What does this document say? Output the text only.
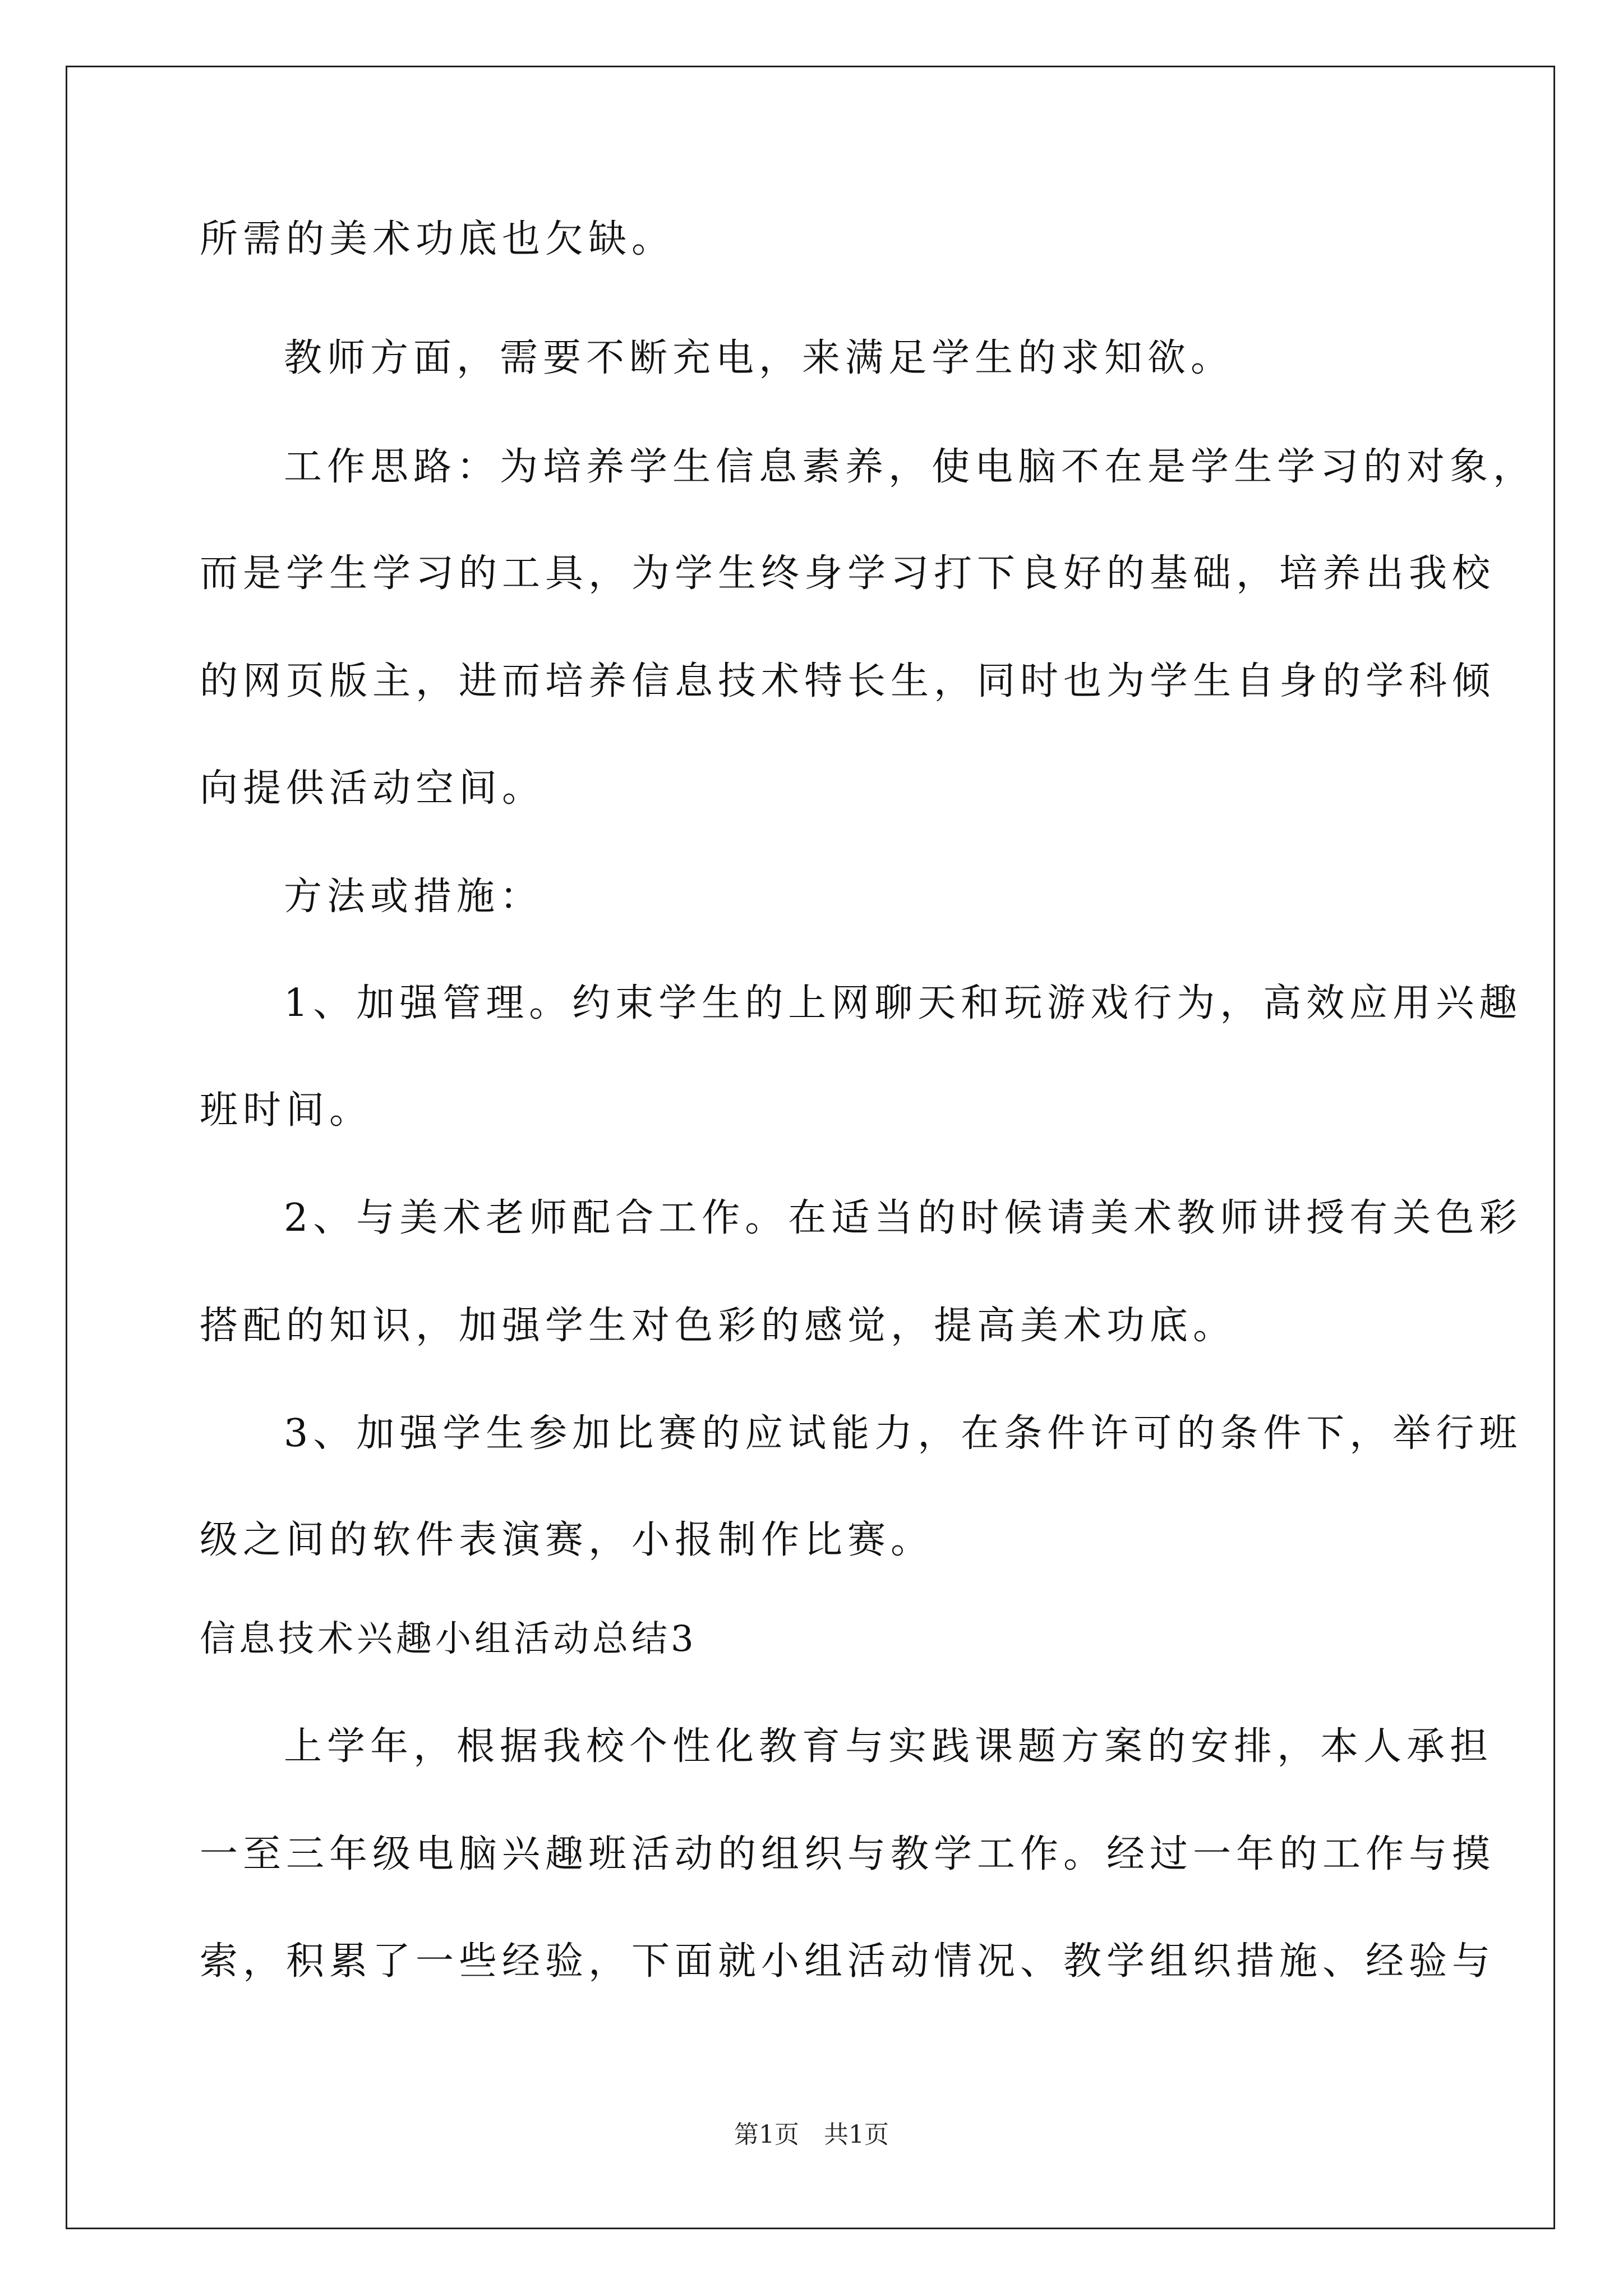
所需的美术功底也欠缺。
教师方面，需要不断充电，来满足学生的求知欲。
工作思路：为培养学生信息素养，使电脑不在是学生学习的对象，
而是学生学习的工具，为学生终身学习打下良好的基础，培养出我校
的网页版主，进而培养信息技术特长生，同时也为学生自身的学科倾
向提供活动空间。
方法或措施：
1、加强管理。约束学生的上网聊天和玩游戏行为，高效应用兴趣
班时间。
2、与美术老师配合工作。在适当的时候请美术教师讲授有关色彩
搭配的知识，加强学生对色彩的感觉，提高美术功底。
3、加强学生参加比赛的应试能力，在条件许可的条件下，举行班
级之间的软件表演赛，小报制作比赛。
信息技术兴趣小组活动总结3
上学年，根据我校个性化教育与实践课题方案的安排，本人承担
一至三年级电脑兴趣班活动的组织与教学工作。经过一年的工作与摸
索，积累了一些经验，下面就小组活动情况、教学组织措施、经验与
第1页　共1页
